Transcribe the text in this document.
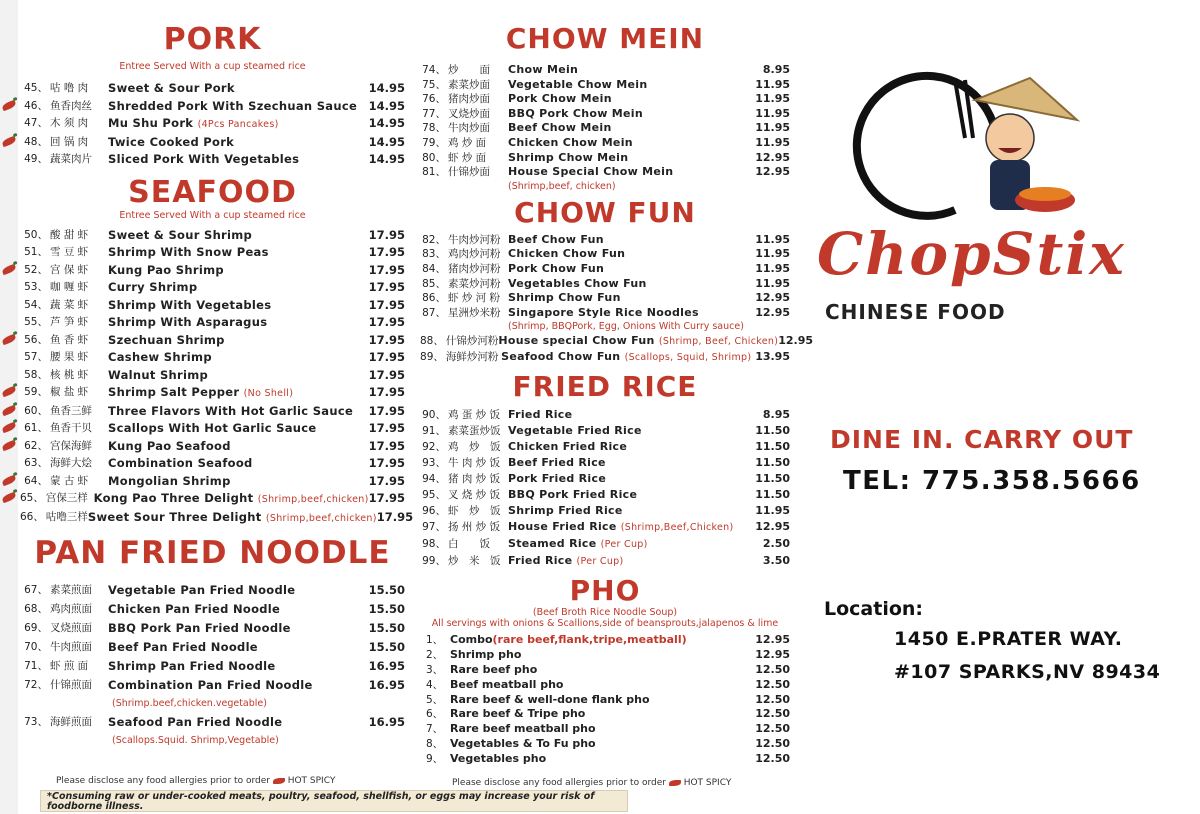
PORK
Entree Served With a cup steamed rice
45、 咕 噜 肉	Sweet & Sour Pork	14.95
46、 鱼香肉丝	Shredded Pork With Szechuan Sauce	14.95
47、 木 须 肉	Mu Shu Pork (4Pcs Pancakes)	14.95
48、 回 锅 肉	Twice Cooked Pork	14.95
49、 蔬菜肉片	Sliced Pork With Vegetables	14.95
SEAFOOD
Entree Served With a cup steamed rice
50、 酸 甜 虾	Sweet & Sour Shrimp	17.95
51、 雪 豆 虾	Shrimp With Snow Peas	17.95
52、 宫 保 虾	Kung Pao Shrimp	17.95
53、 咖 喱 虾	Curry Shrimp	17.95
54、 蔬 菜 虾	Shrimp With Vegetables	17.95
55、 芦 笋 虾	Shrimp With Asparagus	17.95
56、 鱼 香 虾	Szechuan Shrimp	17.95
57、 腰 果 虾	Cashew Shrimp	17.95
58、 核 桃 虾	Walnut Shrimp	17.95
59、 椒 盐 虾	Shrimp Salt Pepper (No Shell)	17.95
60、 鱼香三鲜	Three Flavors With Hot Garlic Sauce	17.95
61、 鱼香干贝	Scallops With Hot Garlic Sauce	17.95
62、 宫保海鲜	Kung Pao Seafood	17.95
63、 海鲜大烩	Combination Seafood	17.95
64、 蒙 古 虾	Mongolian Shrimp	17.95
65、 宫保三样 Kong Pao Three Delight (Shrimp,beef,chicken) 17.95
66、 咕噜三样 Sweet Sour Three Delight (Shrimp,beef,chicken) 17.95
PAN FRIED NOODLE
67、 素菜煎面	Vegetable Pan Fried Noodle	15.50
68、 鸡肉煎面	Chicken Pan Fried Noodle	15.50
69、 叉烧煎面	BBQ Pork Pan Fried Noodle	15.50
70、 牛肉煎面	Beef Pan Fried Noodle	15.50
71、 虾 煎 面	Shrimp Pan Fried Noodle	16.95
72、 什锦煎面	Combination Pan Fried Noodle	16.95
(Shrimp.beef,chicken.vegetable)
73、 海鲜煎面	Seafood Pan Fried Noodle	16.95
(Scallops.Squid. Shrimp,Vegetable)
CHOW MEIN
74、 炒　　面	Chow Mein	8.95
75、 素菜炒面	Vegetable Chow Mein	11.95
76、 猪肉炒面	Pork Chow Mein	11.95
77、 叉烧炒面	BBQ Pork Chow Mein	11.95
78、 牛肉炒面	Beef Chow Mein	11.95
79、 鸡 炒 面	Chicken Chow Mein	11.95
80、 虾 炒 面	Shrimp Chow Mein	12.95
81、 什锦炒面	House Special Chow Mein	12.95
(Shrimp,beef, chicken)
CHOW FUN
82、 牛肉炒河粉 Beef Chow Fun	11.95
83、 鸡肉炒河粉 Chicken Chow Fun	11.95
84、 猪肉炒河粉 Pork Chow Fun	11.95
85、 素菜炒河粉 Vegetables Chow Fun	11.95
86、 虾 炒 河 粉 Shrimp Chow Fun	12.95
87、 星洲炒米粉 Singapore Style Rice Noodles	12.95
(Shrimp, BBQPork, Egg, Onions With Curry sauce)
88、 什锦炒河粉 House special Chow Fun (Shrimp, Beef, Chicken) 12.95
89、 海鲜炒河粉 Seafood Chow Fun (Scallops, Squid, Shrimp) 13.95
FRIED RICE
90、 鸡 蛋 炒 饭 Fried Rice	8.95
91、 素菜蛋炒饭 Vegetable Fried Rice	11.50
92、 鸡　炒　饭 Chicken Fried Rice	11.50
93、 牛 肉 炒 饭 Beef Fried Rice	11.50
94、 猪 肉 炒 饭 Pork Fried Rice	11.50
95、 叉 烧 炒 饭 BBQ Pork Fried Rice	11.50
96、 虾　炒　饭 Shrimp Fried Rice	11.95
97、 扬 州 炒 饭 House Fried Rice (Shrimp,Beef,Chicken)	12.95
98、 白　　饭	Steamed Rice (Per Cup)	2.50
99、 炒　米　饭 Fried Rice (Per Cup)	3.50
PHO
(Beef Broth Rice Noodle Soup)
All servings with onions & Scallions,side of beansprouts,jalapenos & lime
1、 Combo(rare beef,flank,tripe,meatball)	12.95
2、 Shrimp pho	12.95
3、 Rare beef pho	12.50
4、 Beef meatball pho	12.50
5、 Rare beef & well-done flank pho	12.50
6、 Rare beef & Tripe pho	12.50
7、 Rare beef meatball pho	12.50
8、 Vegetables & To Fu pho	12.50
9、 Vegetables pho	12.50
Please disclose any food allergies prior to order HOT SPICY	Please disclose any food allergies prior to order HOT SPICY
*Consuming raw or under-cooked meats, poultry, seafood, shellfish, or eggs may increase your risk of foodborne illness.
ChopStix
CHINESE FOOD
DINE IN. CARRY OUT
TEL: 775.358.5666
Location:
1450 E.PRATER WAY.
#107 SPARKS,NV 89434
